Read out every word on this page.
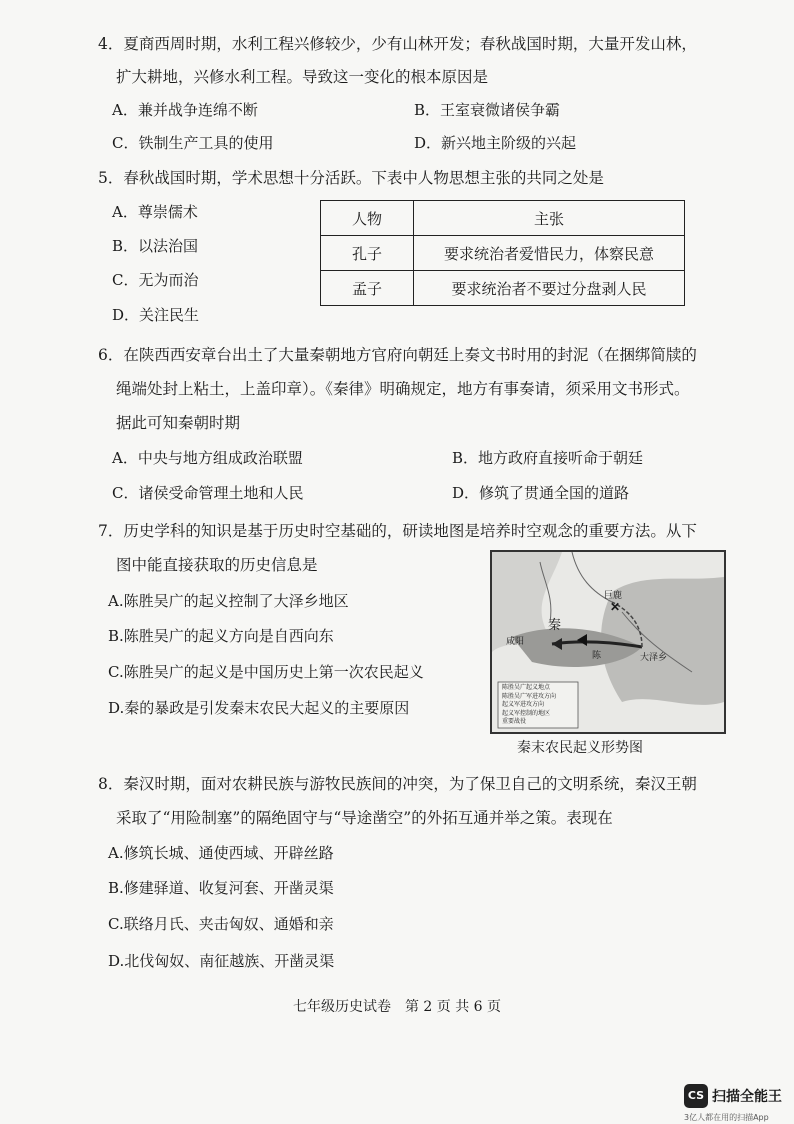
4．夏商西周时期，水利工程兴修较少，少有山林开发；春秋战国时期，大量开发山林，
扩大耕地，兴修水利工程。导致这一变化的根本原因是
A．兼并战争连绵不断	B．王室衰微诸侯争霸
C．铁制生产工具的使用	D．新兴地主阶级的兴起
5．春秋战国时期，学术思想十分活跃。下表中人物思想主张的共同之处是
A．尊崇儒术
B．以法治国
C．无为而治
D．关注民生
人物	主张
孔子	要求统治者爱惜民力，体察民意
孟子	要求统治者不要过分盘剥人民
6．在陕西西安章台出土了大量秦朝地方官府向朝廷上奏文书时用的封泥（在捆绑简牍的
绳端处封上粘土，上盖印章）。《秦律》明确规定，地方有事奏请，须采用文书形式。
据此可知秦朝时期
A．中央与地方组成政治联盟	B．地方政府直接听命于朝廷
C．诸侯受命管理土地和人民	D．修筑了贯通全国的道路
7．历史学科的知识是基于历史时空基础的，研读地图是培养时空观念的重要方法。从下
图中能直接获取的历史信息是
A.陈胜吴广的起义控制了大泽乡地区
B.陈胜吴广的起义方向是自西向东
C.陈胜吴广的起义是中国历史上第一次农民起义
D.秦的暴政是引发秦末农民大起义的主要原因
巨鹿
✕
咸阳
秦
大泽乡
陈
陈胜吴广起义地点
陈胜吴广军进攻方向
起义军进攻方向
起义军控制的地区
重要战役
秦末农民起义形势图
8．秦汉时期，面对农耕民族与游牧民族间的冲突，为了保卫自己的文明系统，秦汉王朝
采取了“用险制塞”的隔绝固守与“导途凿空”的外拓互通并举之策。表现在
A.修筑长城、通使西域、开辟丝路
B.修建驿道、收复河套、开凿灵渠
C.联络月氏、夹击匈奴、通婚和亲
D.北伐匈奴、南征越族、开凿灵渠
七年级历史试卷　第 2 页 共 6 页
CS 扫描全能王
3亿人都在用的扫描App
